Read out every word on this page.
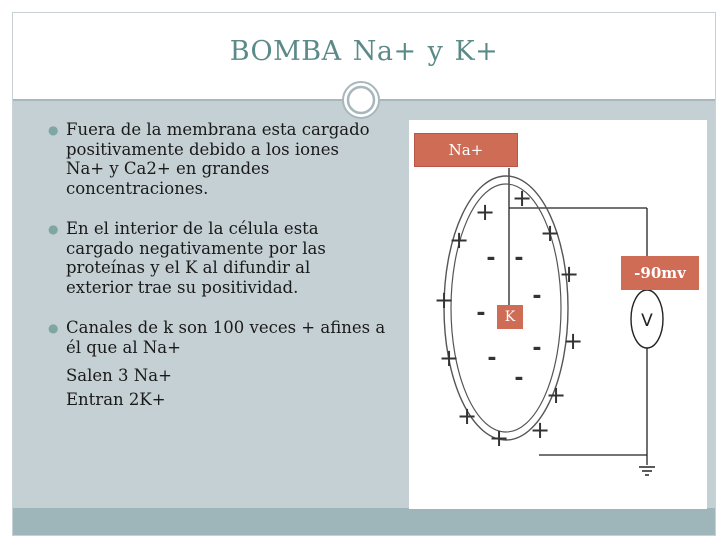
BOMBA Na+ y K+
● Fuera de la membrana esta cargado
positivamente debido a los iones
Na+ y Ca2+ en grandes
concentraciones.

● En el interior de la célula esta
cargado negativamente por las
proteínas y el K al difundir al
exterior trae su positividad.

● Canales de k son 100 veces + afines a
él que al Na+

Salen 3 Na+

Entran 2K+

V
+ +
+	+
+
+
+
+
+
+ +
+
- -
-
-
-
-
-
Na+
-90mv
K
